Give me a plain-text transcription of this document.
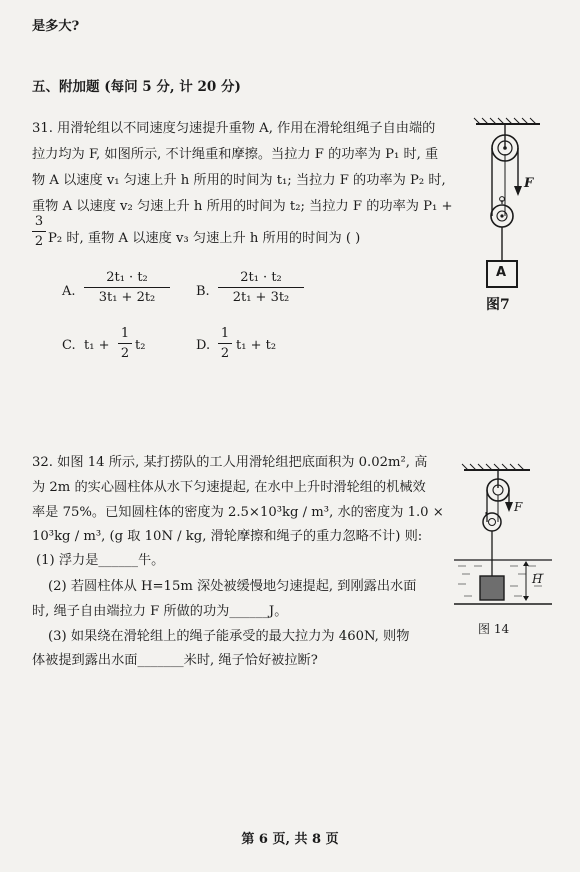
是多大?
五、附加题 (每问 5 分, 计 20 分)
31. 用滑轮组以不同速度匀速提升重物 A, 作用在滑轮组绳子自由端的
拉力均为 F, 如图所示, 不计绳重和摩擦。当拉力 F 的功率为 P₁ 时, 重
物 A 以速度 v₁ 匀速上升 h 所用的时间为 t₁; 当拉力 F 的功率为 P₂ 时,
重物 A 以速度 v₂ 匀速上升 h 所用的时间为 t₂; 当拉力 F 的功率为 P₁ +
$\frac{3}{2} P_2$ 时, 重物 A 以速度 v₃ 匀速上升 h 所用的时间为 ( )
A. $\frac{\text{2t₁ · t₂}}{\text{3t₁ + 2t₂}} B$. $\frac{\text{2t₁ · t₂}}{\text{2t₁ + 3t₂}}$
C. $t_1 + \frac{1}{2} t_2$	D. $\frac{1}{2} t_1 + t_2$
F
A
图7
32. 如图 14 所示, 某打捞队的工人用滑轮组把底面积为 0.02m², 高
为 2m 的实心圆柱体从水下匀速提起, 在水中上升时滑轮组的机械效
率是 75%。已知圆柱体的密度为 2.5×10³kg / m³, 水的密度为 1.0 ×
10³kg / m³, (g 取 10N / kg, 滑轮摩擦和绳子的重力忽略不计) 则:
(1) 浮力是______牛。
(2) 若圆柱体从 H=15m 深处被缓慢地匀速提起, 到刚露出水面
时, 绳子自由端拉力 F 所做的功为______J。
(3) 如果绕在滑轮组上的绳子能承受的最大拉力为 460N, 则物
体被提到露出水面_______米时, 绳子恰好被拉断?
F
H
图 14
第 6 页, 共 8 页
